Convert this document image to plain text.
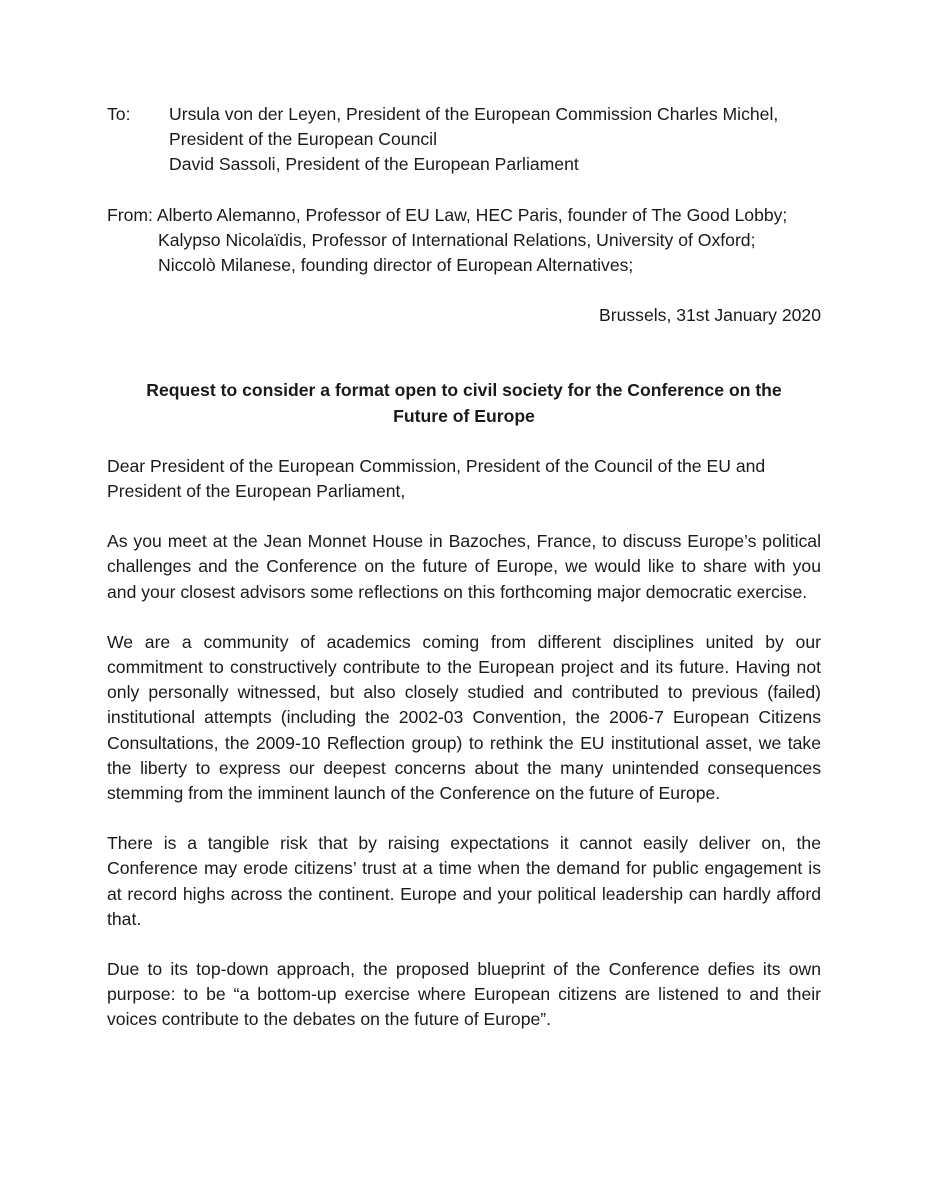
To:	Ursula von der Leyen, President of the European Commission Charles Michel,
President of the European Council
David Sassoli, President of the European Parliament
From: Alberto Alemanno, Professor of EU Law, HEC Paris, founder of The Good Lobby;
Kalypso Nicolaïdis, Professor of International Relations, University of Oxford;
Niccolò Milanese, founding director of European Alternatives;
Brussels, 31st January 2020
Request to consider a format open to civil society for the Conference on the Future of Europe
Dear President of the European Commission, President of the Council of the EU and President of the European Parliament,

As you meet at the Jean Monnet House in Bazoches, France, to discuss Europe’s political challenges and the Conference on the future of Europe, we would like to share with you and your closest advisors some reflections on this forthcoming major democratic exercise.

We are a community of academics coming from different disciplines united by our commitment to constructively contribute to the European project and its future. Having not only personally witnessed, but also closely studied and contributed to previous (failed) institutional attempts (including the 2002-03 Convention, the 2006-7 European Citizens Consultations, the 2009-10 Reflection group) to rethink the EU institutional asset, we take the liberty to express our deepest concerns about the many unintended consequences stemming from the imminent launch of the Conference on the future of Europe.

There is a tangible risk that by raising expectations it cannot easily deliver on, the Conference may erode citizens’ trust at a time when the demand for public engagement is at record highs across the continent. Europe and your political leadership can hardly afford that.

Due to its top-down approach, the proposed blueprint of the Conference defies its own purpose: to be “a bottom-up exercise where European citizens are listened to and their voices contribute to the debates on the future of Europe”.
